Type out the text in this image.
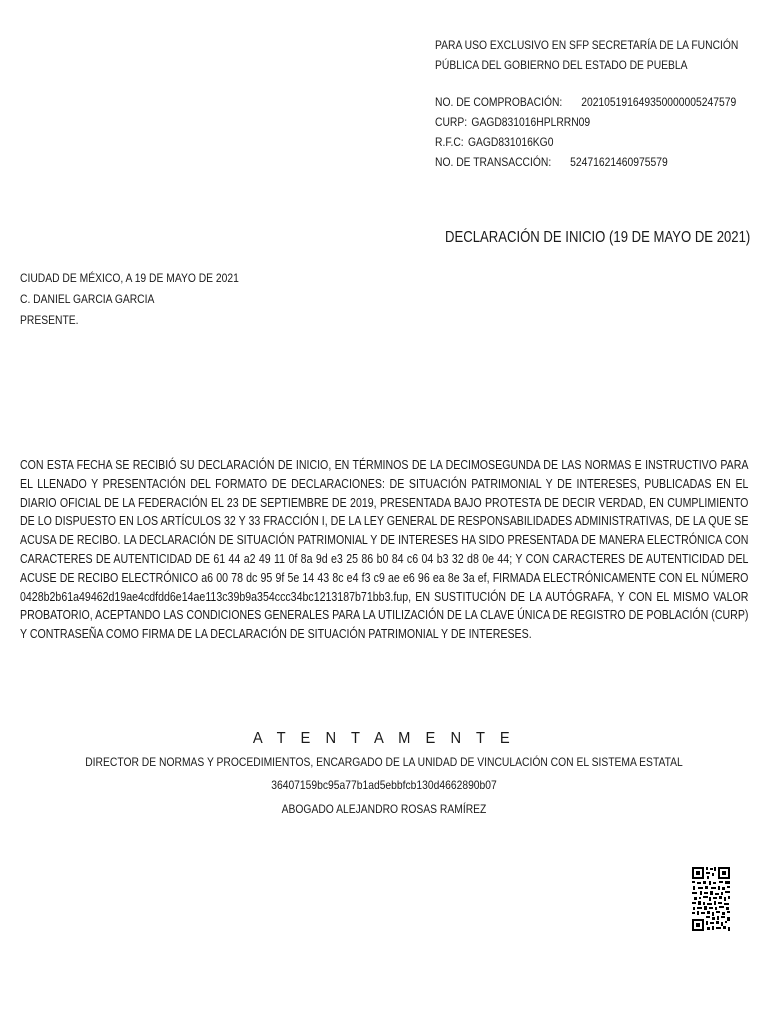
PARA USO EXCLUSIVO EN SFP SECRETARÍA DE LA FUNCIÓN
PÚBLICA DEL GOBIERNO DEL ESTADO DE PUEBLA
NO. DE COMPROBACIÓN: 202105191649350000005247579
CURP: GAGD831016HPLRRN09
R.F.C: GAGD831016KG0
NO. DE TRANSACCIÓN: 52471621460975579
DECLARACIÓN DE INICIO (19 DE MAYO DE 2021)
CIUDAD DE MÉXICO, A 19 DE MAYO DE 2021
C. DANIEL GARCIA GARCIA
PRESENTE.
CON ESTA FECHA SE RECIBIÓ SU DECLARACIÓN DE INICIO, EN TÉRMINOS DE LA DECIMOSEGUNDA DE LAS NORMAS E INSTRUCTIVO PARA EL LLENADO Y PRESENTACIÓN DEL FORMATO DE DECLARACIONES: DE SITUACIÓN PATRIMONIAL Y DE INTERESES, PUBLICADAS EN EL DIARIO OFICIAL DE LA FEDERACIÓN EL 23 DE SEPTIEMBRE DE 2019, PRESENTADA BAJO PROTESTA DE DECIR VERDAD, EN CUMPLIMIENTO DE LO DISPUESTO EN LOS ARTÍCULOS 32 Y 33 FRACCIÓN I, DE LA LEY GENERAL DE RESPONSABILIDADES ADMINISTRATIVAS, DE LA QUE SE ACUSA DE RECIBO. LA DECLARACIÓN DE SITUACIÓN PATRIMONIAL Y DE INTERESES HA SIDO PRESENTADA DE MANERA ELECTRÓNICA CON CARACTERES DE AUTENTICIDAD DE 61 44 a2 49 11 0f 8a 9d e3 25 86 b0 84 c6 04 b3 32 d8 0e 44; Y CON CARACTERES DE AUTENTICIDAD DEL ACUSE DE RECIBO ELECTRÓNICO a6 00 78 dc 95 9f 5e 14 43 8c e4 f3 c9 ae e6 96 ea 8e 3a ef, FIRMADA ELECTRÓNICAMENTE CON EL NÚMERO 0428b2b61a49462d19ae4cdfdd6e14ae113c39b9a354ccc34bc1213187b71bb3.fup, EN SUSTITUCIÓN DE LA AUTÓGRAFA, Y CON EL MISMO VALOR PROBATORIO, ACEPTANDO LAS CONDICIONES GENERALES PARA LA UTILIZACIÓN DE LA CLAVE ÚNICA DE REGISTRO DE POBLACIÓN (CURP) Y CONTRASEÑA COMO FIRMA DE LA DECLARACIÓN DE SITUACIÓN PATRIMONIAL Y DE INTERESES.
A T E N T A M E N T E
DIRECTOR DE NORMAS Y PROCEDIMIENTOS, ENCARGADO DE LA UNIDAD DE VINCULACIÓN CON EL SISTEMA ESTATAL
36407159bc95a77b1ad5ebbfcb130d4662890b07
ABOGADO ALEJANDRO ROSAS RAMÍREZ
